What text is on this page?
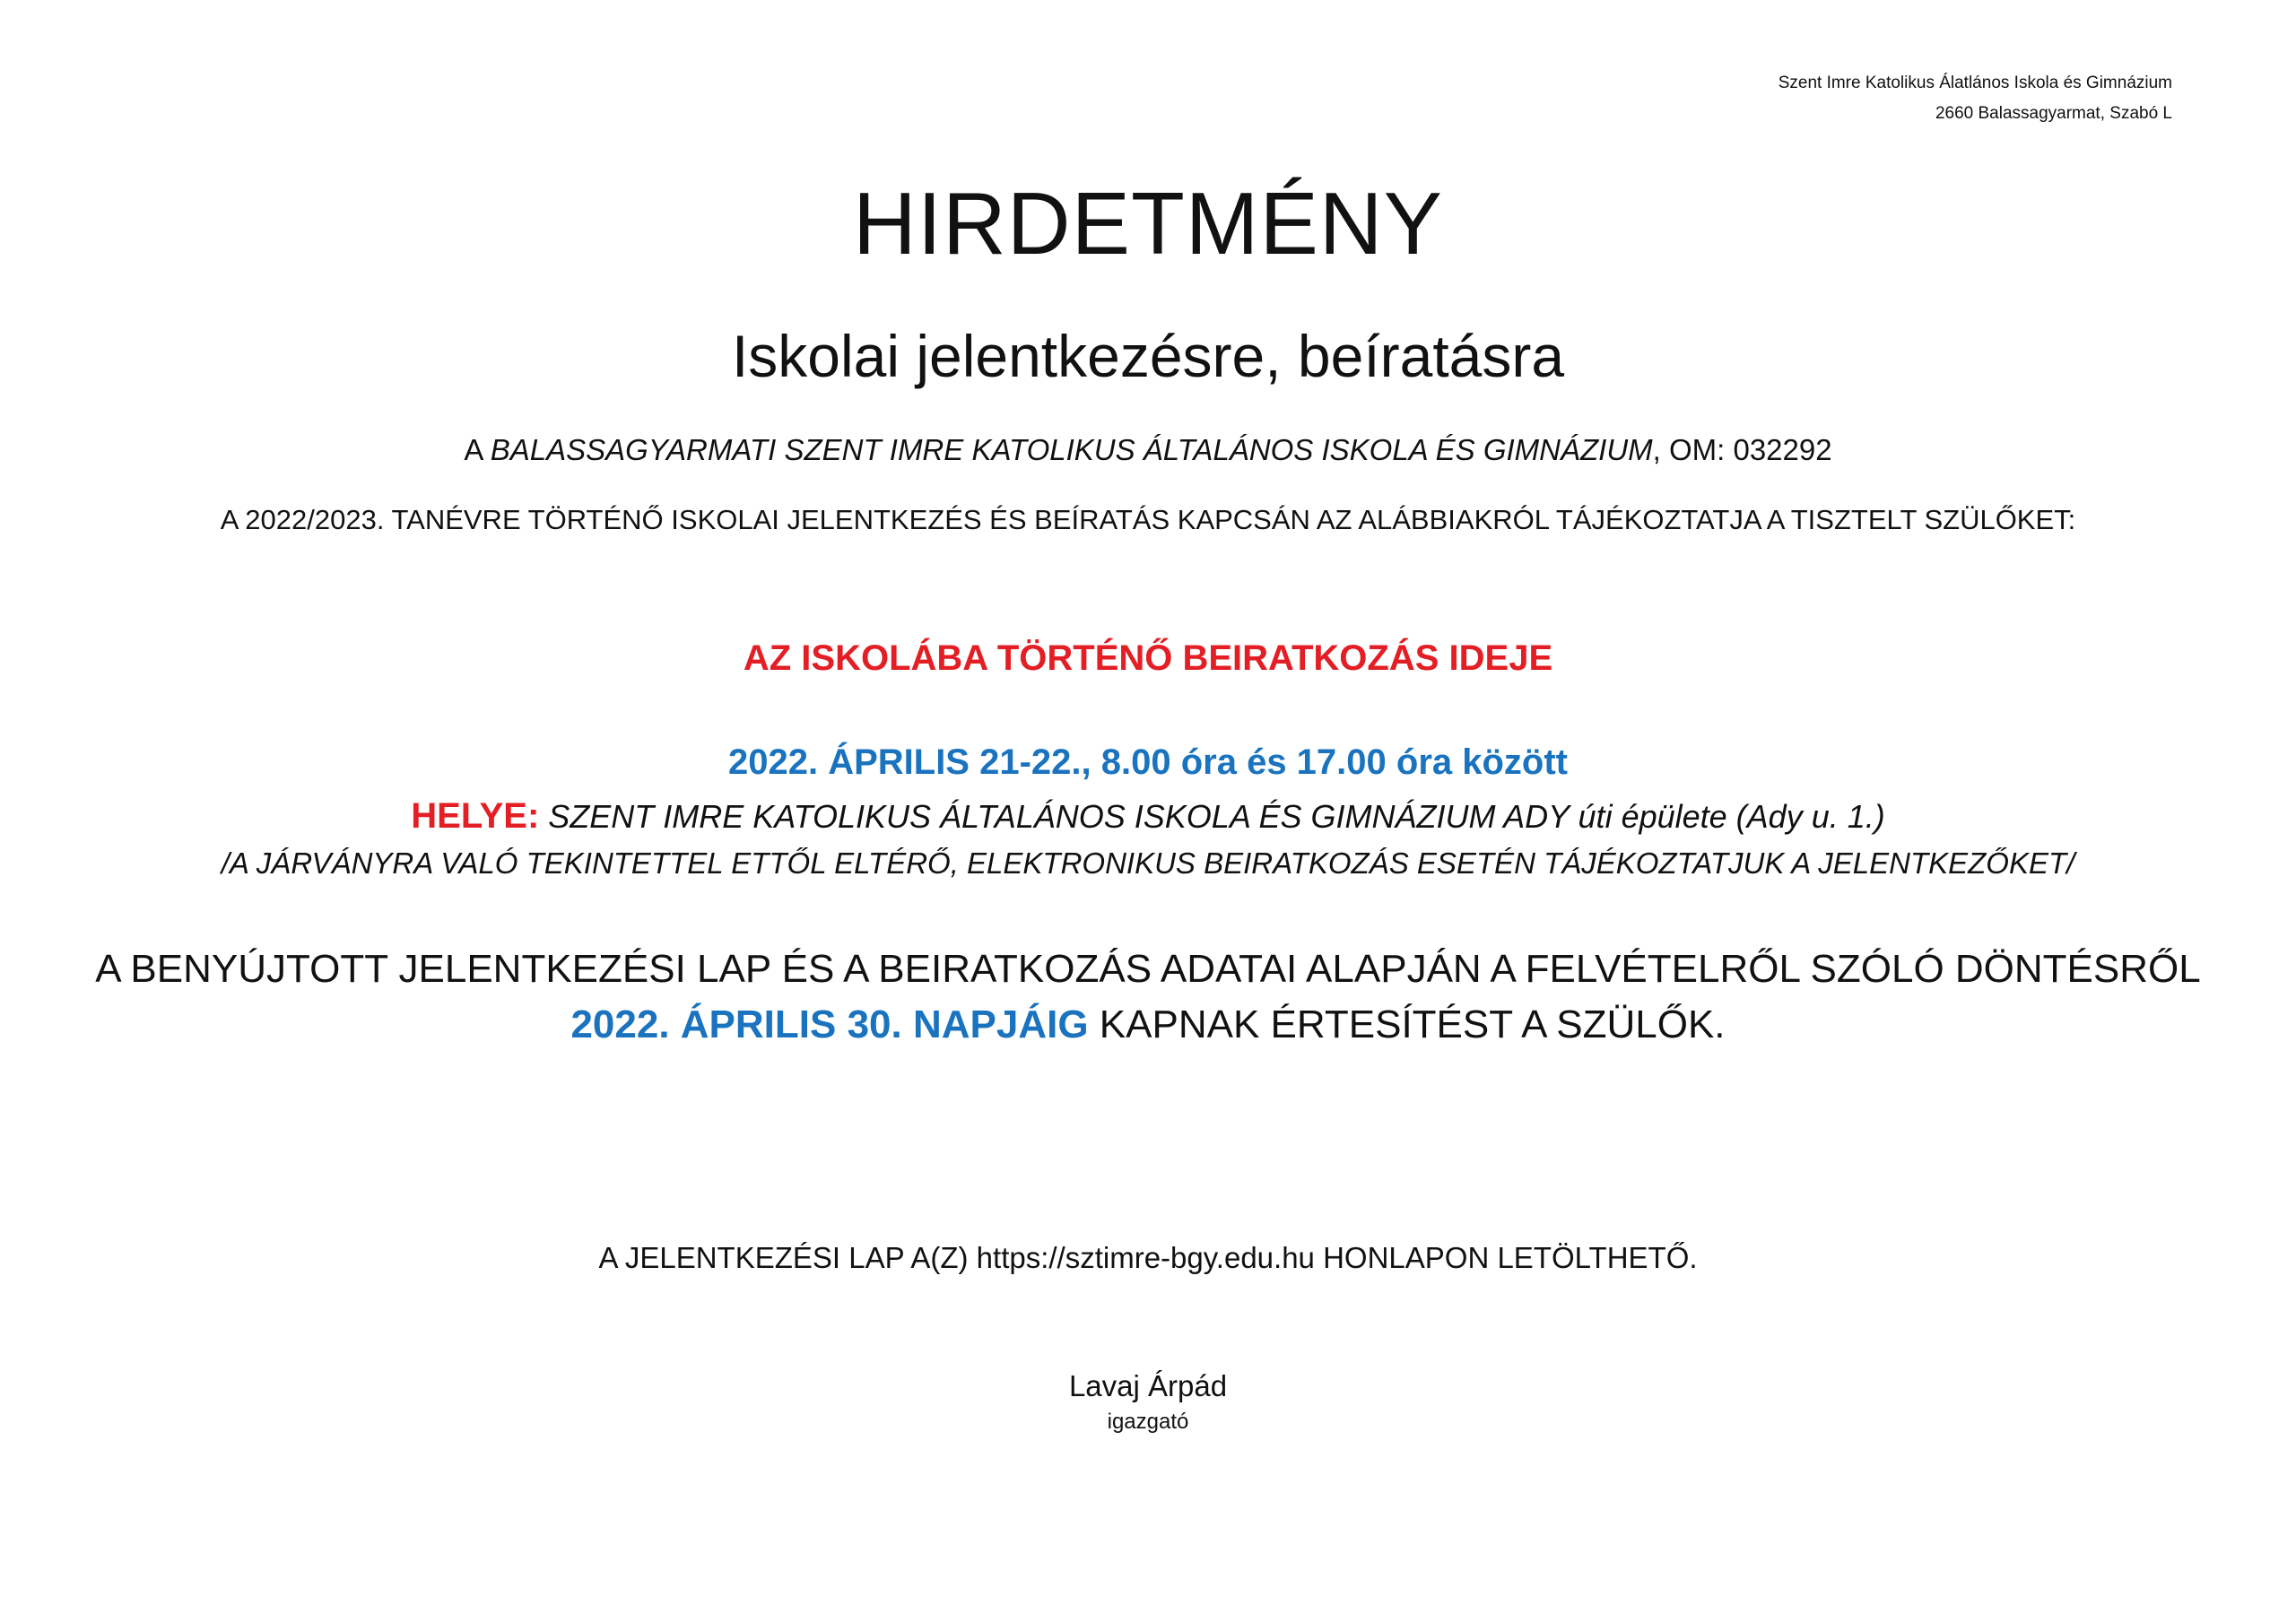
Szent Imre Katolikus Álatlános Iskola és Gimnázium
2660 Balassagyarmat, Szabó L
HIRDETMÉNY
Iskolai jelentkezésre, beíratásra
A BALASSAGYARMATI SZENT IMRE KATOLIKUS ÁLTALÁNOS ISKOLA ÉS GIMNÁZIUM, OM: 032292
A 2022/2023. TANÉVRE TÖRTÉNŐ ISKOLAI JELENTKEZÉS ÉS BEÍRATÁS KAPCSÁN AZ ALÁBBIAKRÓL TÁJÉKOZTATJA A TISZTELT SZÜLŐKET:
AZ ISKOLÁBA TÖRTÉNŐ BEIRATKOZÁS IDEJE
2022. ÁPRILIS 21-22., 8.00 óra és 17.00 óra között
HELYE: SZENT IMRE KATOLIKUS ÁLTALÁNOS ISKOLA ÉS GIMNÁZIUM ADY úti épülete (Ady u. 1.)
/A JÁRVÁNYRA VALÓ TEKINTETTEL ETTŐL ELTÉRŐ, ELEKTRONIKUS BEIRATKOZÁS ESETÉN TÁJÉKOZTATJUK A JELENTKEZŐKET/
A BENYÚJTOTT JELENTKEZÉSI LAP ÉS A BEIRATKOZÁS ADATAI ALAPJÁN A FELVÉTELRŐL SZÓLÓ DÖNTÉSRŐL
2022. ÁPRILIS 30. NAPJÁIG KAPNAK ÉRTESÍTÉST A SZÜLŐK.
A JELENTKEZÉSI LAP A(Z) https://sztimre-bgy.edu.hu HONLAPON LETÖLTHETŐ.
Lavaj Árpád
igazgató
